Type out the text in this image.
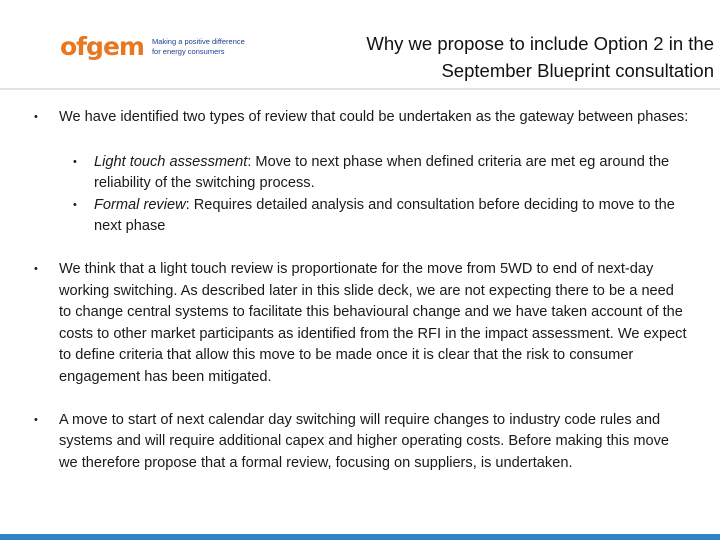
ofgem Making a positive difference
for energy consumers	Why we propose to include Option 2 in the
September Blueprint consultation

• We have identified two types of review that could be undertaken as the gateway between phases:

• Light touch assessment: Move to next phase when defined criteria are met eg around the reliability of the switching process.

• Formal review: Requires detailed analysis and consultation before deciding to move to the next phase

• We think that a light touch review is proportionate for the move from 5WD to end of next-day working switching. As described later in this slide deck, we are not expecting there to be a need to change central systems to facilitate this behavioural change and we have taken account of the costs to other market participants as identified from the RFI in the impact assessment. We expect to define criteria that allow this move to be made once it is clear that the risk to consumer engagement has been mitigated.

• A move to start of next calendar day switching will require changes to industry code rules and systems and will require additional capex and higher operating costs. Before making this move we therefore propose that a formal review, focusing on suppliers, is undertaken.
